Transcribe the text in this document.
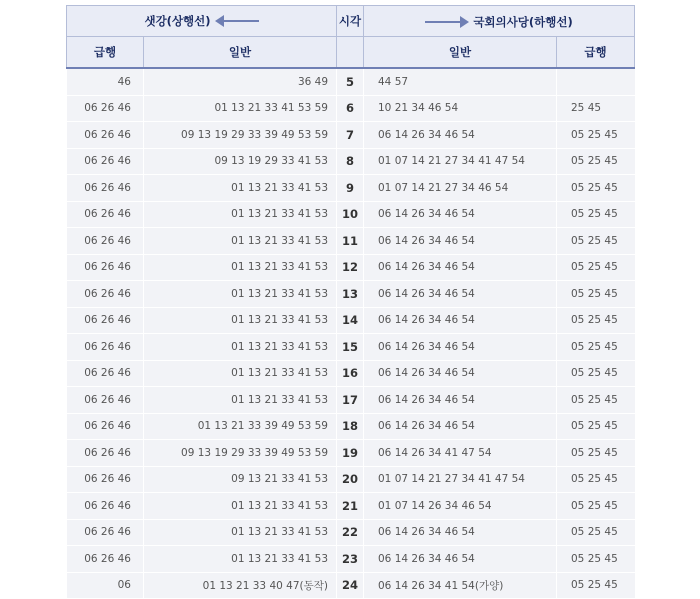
샛강(상행선)		시각	국회의사당(하행선)	

급행	일반		일반	급행
46	36 49	5	44 57	
06 26 46	01 13 21 33 41 53 59	6	10 21 34 46 54	25 45
06 26 46	09 13 19 29 33 39 49 53 59	7	06 14 26 34 46 54	05 25 45
06 26 46	09 13 19 29 33 41 53	8	01 07 14 21 27 34 41 47 54	05 25 45
06 26 46	01 13 21 33 41 53	9	01 07 14 21 27 34 46 54	05 25 45
06 26 46	01 13 21 33 41 53	10	06 14 26 34 46 54	05 25 45
06 26 46	01 13 21 33 41 53	11	06 14 26 34 46 54	05 25 45
06 26 46	01 13 21 33 41 53	12	06 14 26 34 46 54	05 25 45
06 26 46	01 13 21 33 41 53	13	06 14 26 34 46 54	05 25 45
06 26 46	01 13 21 33 41 53	14	06 14 26 34 46 54	05 25 45
06 26 46	01 13 21 33 41 53	15	06 14 26 34 46 54	05 25 45
06 26 46	01 13 21 33 41 53	16	06 14 26 34 46 54	05 25 45
06 26 46	01 13 21 33 41 53	17	06 14 26 34 46 54	05 25 45
06 26 46	01 13 21 33 39 49 53 59	18	06 14 26 34 46 54	05 25 45
06 26 46	09 13 19 29 33 39 49 53 59	19	06 14 26 34 41 47 54	05 25 45
06 26 46	09 13 21 33 41 53	20	01 07 14 21 27 34 41 47 54	05 25 45
06 26 46	01 13 21 33 41 53	21	01 07 14 26 34 46 54	05 25 45
06 26 46	01 13 21 33 41 53	22	06 14 26 34 46 54	05 25 45
06 26 46	01 13 21 33 41 53	23	06 14 26 34 46 54	05 25 45
06	01 13 21 33 40 47(동작)	24	06 14 26 34 41 54(가양)	05 25 45
